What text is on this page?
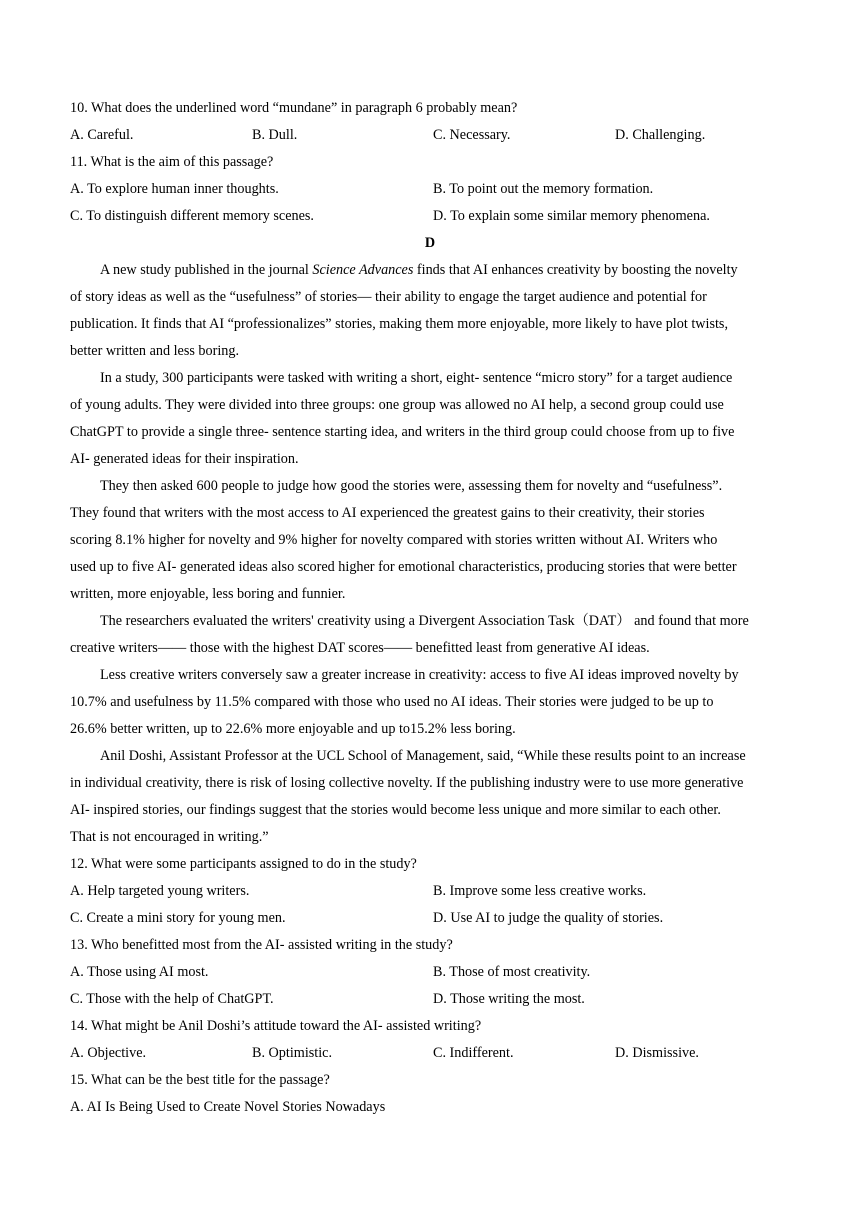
10. What does the underlined word “mundane” in paragraph 6 probably mean?
A. Careful.	B. Dull.	C. Necessary.	D. Challenging.
11. What is the aim of this passage?
A. To explore human inner thoughts.	B. To point out the memory formation.
C. To distinguish different memory scenes.	D. To explain some similar memory phenomena.
D
A new study published in the journal Science Advances finds that AI enhances creativity by boosting the novelty
of story ideas as well as the “usefulness” of stories— their ability to engage the target audience and potential for
publication. It finds that AI “professionalizes” stories, making them more enjoyable, more likely to have plot twists,
better written and less boring.
In a study, 300 participants were tasked with writing a short, eight- sentence “micro story” for a target audience
of young adults. They were divided into three groups: one group was allowed no AI help, a second group could use
ChatGPT to provide a single three- sentence starting idea, and writers in the third group could choose from up to five
AI- generated ideas for their inspiration.
They then asked 600 people to judge how good the stories were, assessing them for novelty and “usefulness”.
They found that writers with the most access to AI experienced the greatest gains to their creativity, their stories
scoring 8.1% higher for novelty and 9% higher for novelty compared with stories written without AI. Writers who
used up to five AI- generated ideas also scored higher for emotional characteristics, producing stories that were better
written, more enjoyable, less boring and funnier.
The researchers evaluated the writers' creativity using a Divergent Association Task（DAT） and found that more
creative writers—— those with the highest DAT scores—— benefitted least from generative AI ideas.
Less creative writers conversely saw a greater increase in creativity: access to five AI ideas improved novelty by
10.7% and usefulness by 11.5% compared with those who used no AI ideas. Their stories were judged to be up to
26.6% better written, up to 22.6% more enjoyable and up to15.2% less boring.
Anil Doshi, Assistant Professor at the UCL School of Management, said, “While these results point to an increase
in individual creativity, there is risk of losing collective novelty. If the publishing industry were to use more generative
AI- inspired stories, our findings suggest that the stories would become less unique and more similar to each other.
That is not encouraged in writing.”
12. What were some participants assigned to do in the study?
A. Help targeted young writers.	B. Improve some less creative works.
C. Create a mini story for young men.	D. Use AI to judge the quality of stories.
13. Who benefitted most from the AI- assisted writing in the study?
A. Those using AI most.	B. Those of most creativity.
C. Those with the help of ChatGPT.	D. Those writing the most.
14. What might be Anil Doshi’s attitude toward the AI- assisted writing?
A. Objective.	B. Optimistic.	C. Indifferent.	D. Dismissive.
15. What can be the best title for the passage?
A. AI Is Being Used to Create Novel Stories Nowadays
